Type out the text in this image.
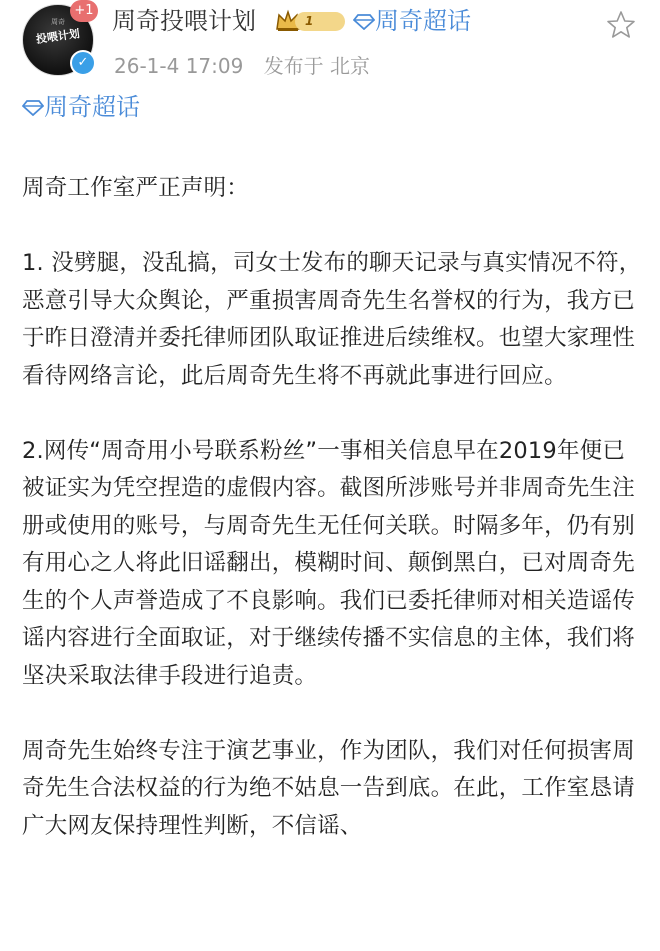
周奇
投喂计划
+1
✓
周奇投喂计划	1	周奇超话
26-1-4 17:09 发布于 北京
周奇超话

周奇工作室严正声明：

1. 没劈腿，没乱搞，司女士发布的聊天记录与真实情况不符，恶意引导大众舆论，严重损害周奇先生名誉权的行为，我方已于昨日澄清并委托律师团队取证推进后续维权。也望大家理性看待网络言论，此后周奇先生将不再就此事进行回应。

2.网传“周奇用小号联系粉丝”一事相关信息早在2019年便已被证实为凭空捏造的虚假内容。截图所涉账号并非周奇先生注册或使用的账号，与周奇先生无任何关联。时隔多年，仍有别有用心之人将此旧谣翻出，模糊时间、颠倒黑白，已对周奇先生的个人声誉造成了不良影响。我们已委托律师对相关造谣传谣内容进行全面取证，对于继续传播不实信息的主体，我们将坚决采取法律手段进行追责。

周奇先生始终专注于演艺事业，作为团队，我们对任何损害周奇先生合法权益的行为绝不姑息一告到底。在此，工作室恳请广大网友保持理性判断，不信谣、
